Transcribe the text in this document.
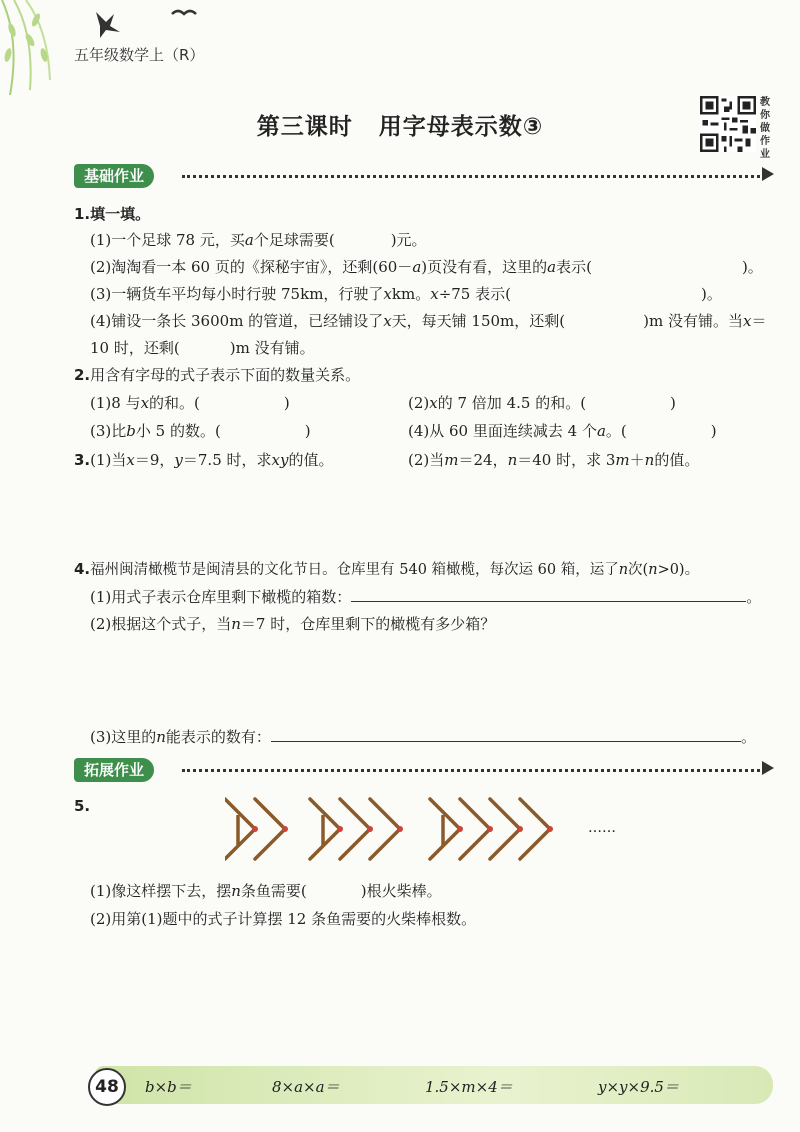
五年级数学上（R）
第三课时 用字母表示数③
教你做作业
基础作业
1.填一填。
(1)一个足球 78 元，买a个足球需要(	)元。
(2)淘淘看一本 60 页的《探秘宇宙》，还剩(60－a)页没有看，这里的a表示(	)。
(3)一辆货车平均每小时行驶 75km，行驶了xkm。x÷75 表示(	)。
(4)铺设一条长 3600m 的管道，已经铺设了x天，每天铺 150m，还剩(	)m 没有铺。当x＝
10 时，还剩(	)m 没有铺。
2.用含有字母的式子表示下面的数量关系。
(1)8 与x的和。(	)	(2)x的 7 倍加 4.5 的和。(	)
(3)比b小 5 的数。(	)	(4)从 60 里面连续减去 4 个a。(	)
3.(1)当x＝9，y＝7.5 时，求xy的值。	(2)当m＝24，n＝40 时，求 3m＋n的值。
4.福州闽清橄榄节是闽清县的文化节日。仓库里有 540 箱橄榄，每次运 60 箱，运了n次(n>0)。
(1)用式子表示仓库里剩下橄榄的箱数：	。
(2)根据这个式子，当n＝7 时，仓库里剩下的橄榄有多少箱？
(3)这里的n能表示的数有：	。
拓展作业
5.
……
(1)像这样摆下去，摆n条鱼需要(	)根火柴棒。
(2)用第(1)题中的式子计算摆 12 条鱼需要的火柴棒根数。
48	b×b＝	8×a×a＝	1.5×m×4＝	y×y×9.5＝
